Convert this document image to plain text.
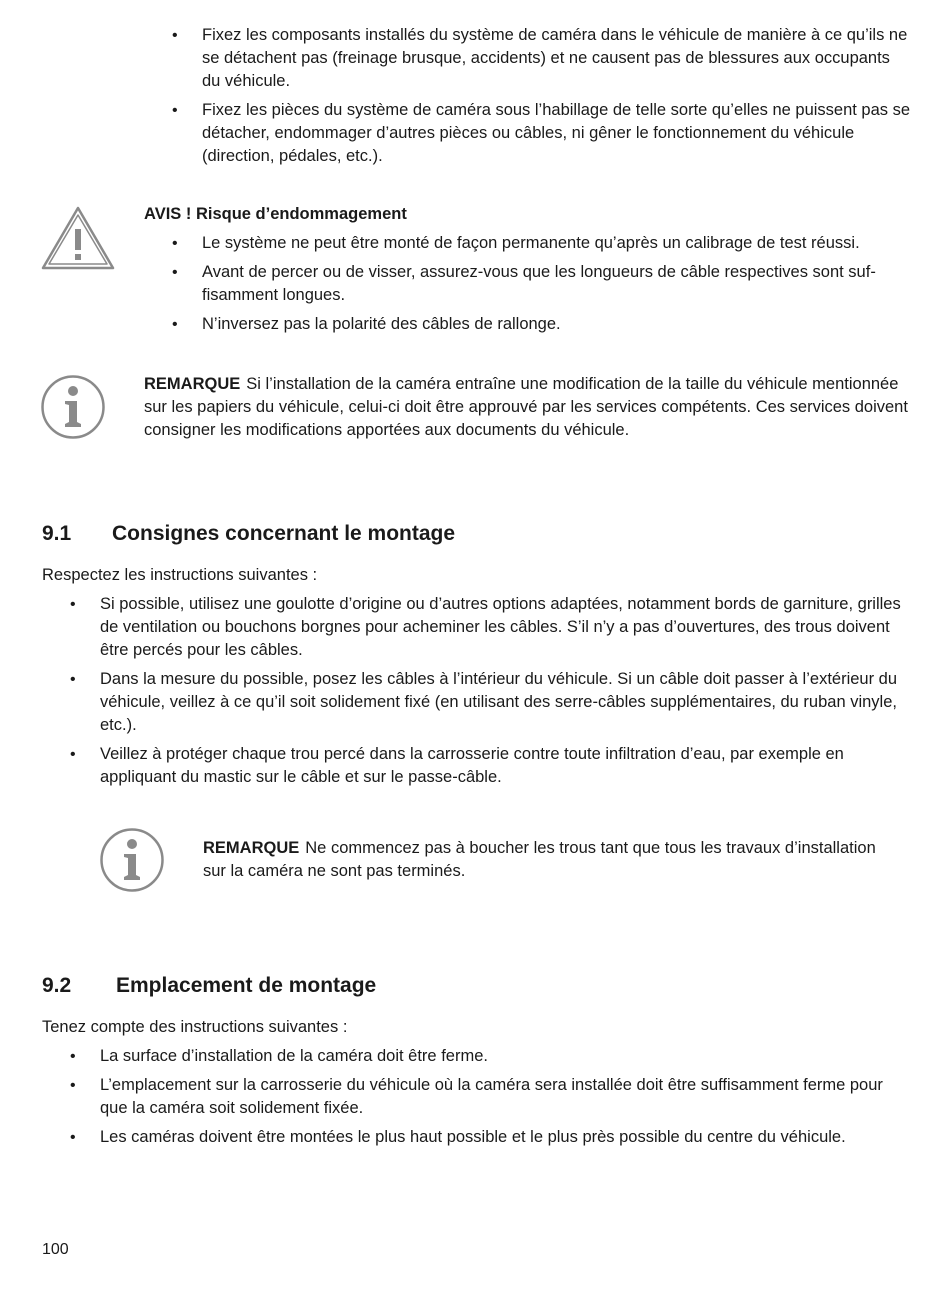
• Fixez les composants installés du système de caméra dans le véhicule de manière à ce qu’ils ne se détachent pas (freinage brusque, accidents) et ne causent pas de blessures aux occupants du véhicule.
• Fixez les pièces du système de caméra sous l’habillage de telle sorte qu’elles ne puissent pas se détacher, endommager d’autres pièces ou câbles, ni gêner le fonctionnement du véhicule (direction, pédales, etc.).

AVIS ! Risque d’endommagement

• Le système ne peut être monté de façon permanente qu’après un calibrage de test réussi.
• Avant de percer ou de visser, assurez-vous que les longueurs de câble respectives sont suffisamment longues.
• N’inversez pas la polarité des câbles de rallonge.

REMARQUE Si l’installation de la caméra entraîne une modification de la taille du véhicule mentionnée sur les papiers du véhicule, celui-ci doit être approuvé par les services compétents. Ces services doivent consigner les modifications apportées aux documents du véhicule.

9.1 Consignes concernant le montage

Respectez les instructions suivantes :

• Si possible, utilisez une goulotte d’origine ou d’autres options adaptées, notamment bords de garniture, grilles de ventilation ou bouchons borgnes pour acheminer les câbles. S’il n’y a pas d’ouvertures, des trous doivent être percés pour les câbles.
• Dans la mesure du possible, posez les câbles à l’intérieur du véhicule. Si un câble doit passer à l’extérieur du véhicule, veillez à ce qu’il soit solidement fixé (en utilisant des serre-câbles supplémentaires, du ruban vinyle, etc.).
• Veillez à protéger chaque trou percé dans la carrosserie contre toute infiltration d’eau, par exemple en appliquant du mastic sur le câble et sur le passe-câble.

REMARQUE Ne commencez pas à boucher les trous tant que tous les travaux d’installation sur la caméra ne sont pas terminés.

9.2 Emplacement de montage

Tenez compte des instructions suivantes :

• La surface d’installation de la caméra doit être ferme.
• L’emplacement sur la carrosserie du véhicule où la caméra sera installée doit être suffisamment ferme pour que la caméra soit solidement fixée.
• Les caméras doivent être montées le plus haut possible et le plus près possible du centre du véhicule.
100
